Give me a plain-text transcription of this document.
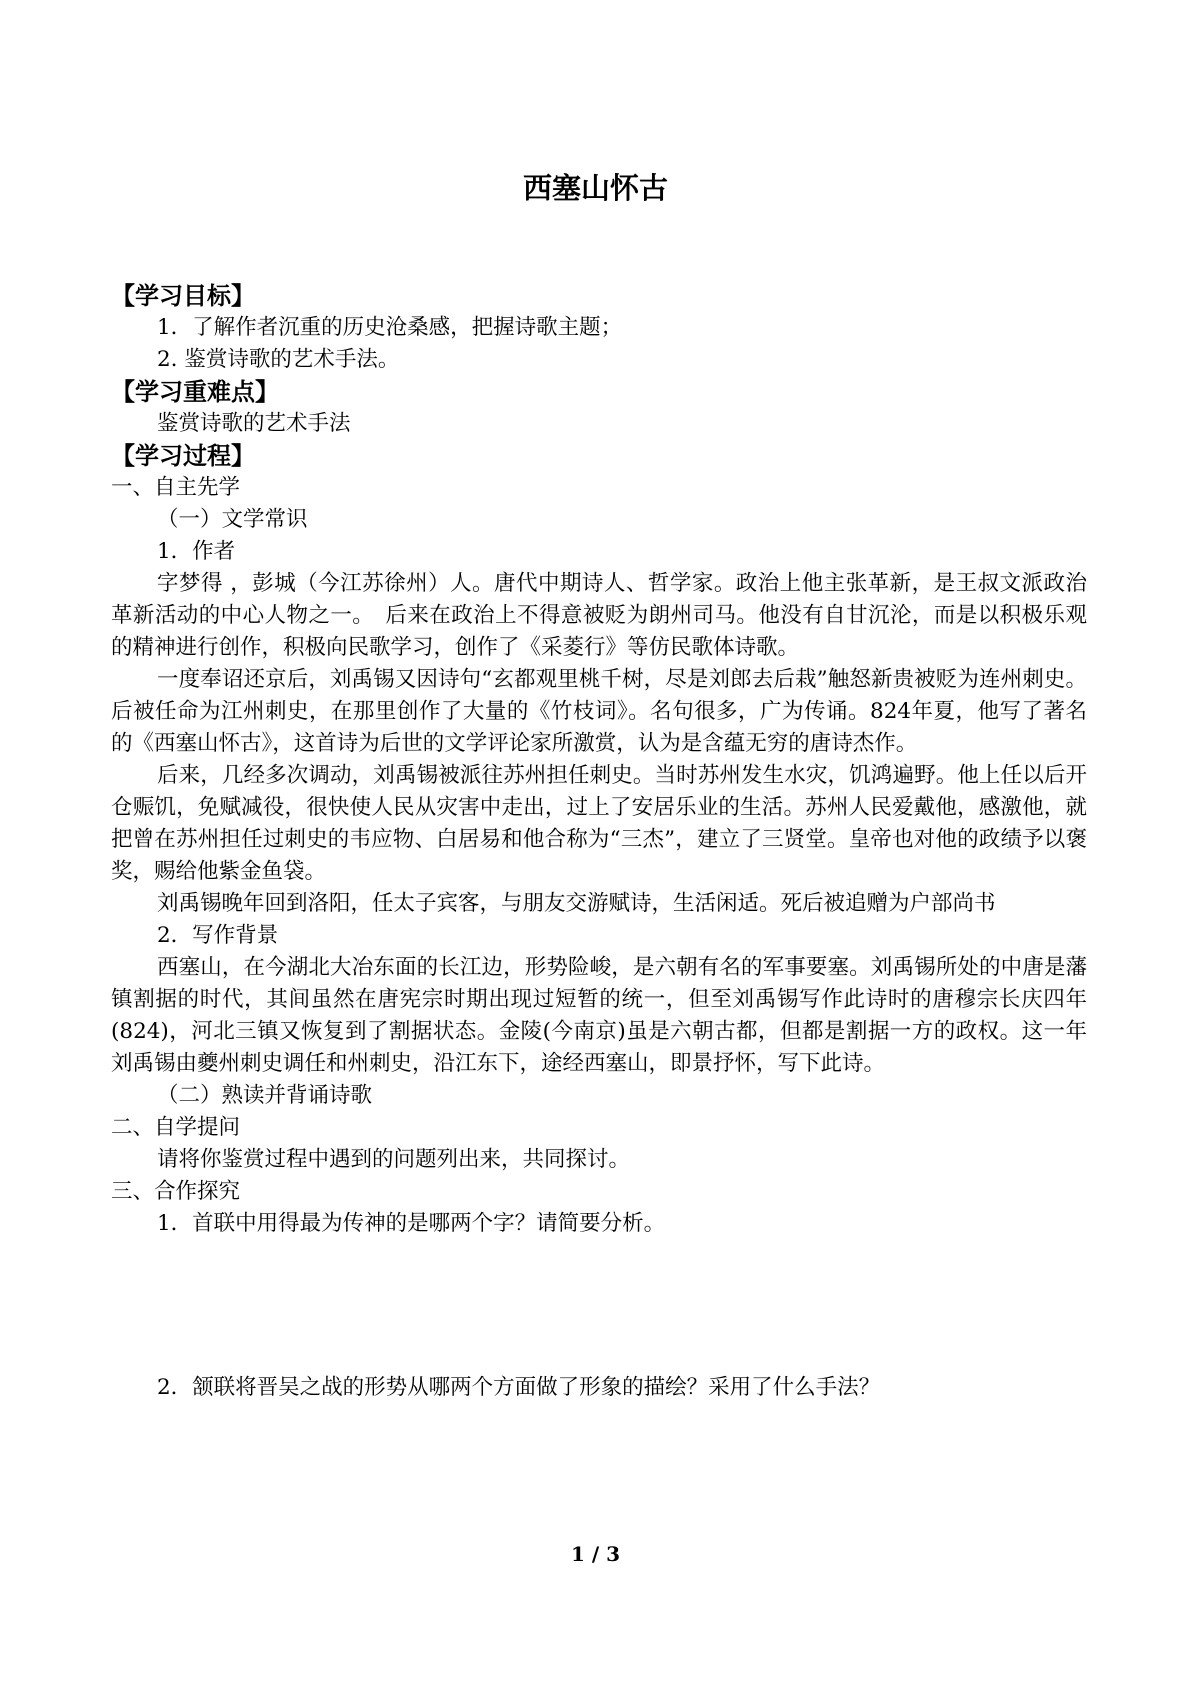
西塞山怀古

【学习目标】

1．了解作者沉重的历史沧桑感，把握诗歌主题；

2. 鉴赏诗歌的艺术手法。

【学习重难点】

鉴赏诗歌的艺术手法

【学习过程】

一、自主先学

（一）文学常识

1．作者

字梦得 ，彭城（今江苏徐州）人。唐代中期诗人、哲学家。政治上他主张革新，是王叔文派政治革新活动的中心人物之一。　后来在政治上不得意被贬为朗州司马。他没有自甘沉沦，而是以积极乐观的精神进行创作，积极向民歌学习，创作了《采菱行》等仿民歌体诗歌。

一度奉诏还京后，刘禹锡又因诗句“玄都观里桃千树，尽是刘郎去后栽”触怒新贵被贬为连州刺史。后被任命为江州刺史，在那里创作了大量的《竹枝词》。名句很多，广为传诵。824年夏，他写了著名的《西塞山怀古》，这首诗为后世的文学评论家所激赏，认为是含蕴无穷的唐诗杰作。

后来，几经多次调动，刘禹锡被派往苏州担任刺史。当时苏州发生水灾，饥鸿遍野。他上任以后开仓赈饥，免赋减役，很快使人民从灾害中走出，过上了安居乐业的生活。苏州人民爱戴他，感激他，就把曾在苏州担任过刺史的韦应物、白居易和他合称为“三杰”，建立了三贤堂。皇帝也对他的政绩予以褒奖，赐给他紫金鱼袋。

刘禹锡晚年回到洛阳，任太子宾客，与朋友交游赋诗，生活闲适。死后被追赠为户部尚书

2．写作背景

西塞山，在今湖北大冶东面的长江边，形势险峻，是六朝有名的军事要塞。刘禹锡所处的中唐是藩镇割据的时代，其间虽然在唐宪宗时期出现过短暂的统一，但至刘禹锡写作此诗时的唐穆宗长庆四年(824)，河北三镇又恢复到了割据状态。金陵(今南京)虽是六朝古都，但都是割据一方的政权。这一年刘禹锡由夔州刺史调任和州刺史，沿江东下，途经西塞山，即景抒怀，写下此诗。

（二）熟读并背诵诗歌

二、自学提问

请将你鉴赏过程中遇到的问题列出来，共同探讨。

三、合作探究

1．首联中用得最为传神的是哪两个字？请简要分析。

2．颔联将晋吴之战的形势从哪两个方面做了形象的描绘？采用了什么手法？

1 / 3
